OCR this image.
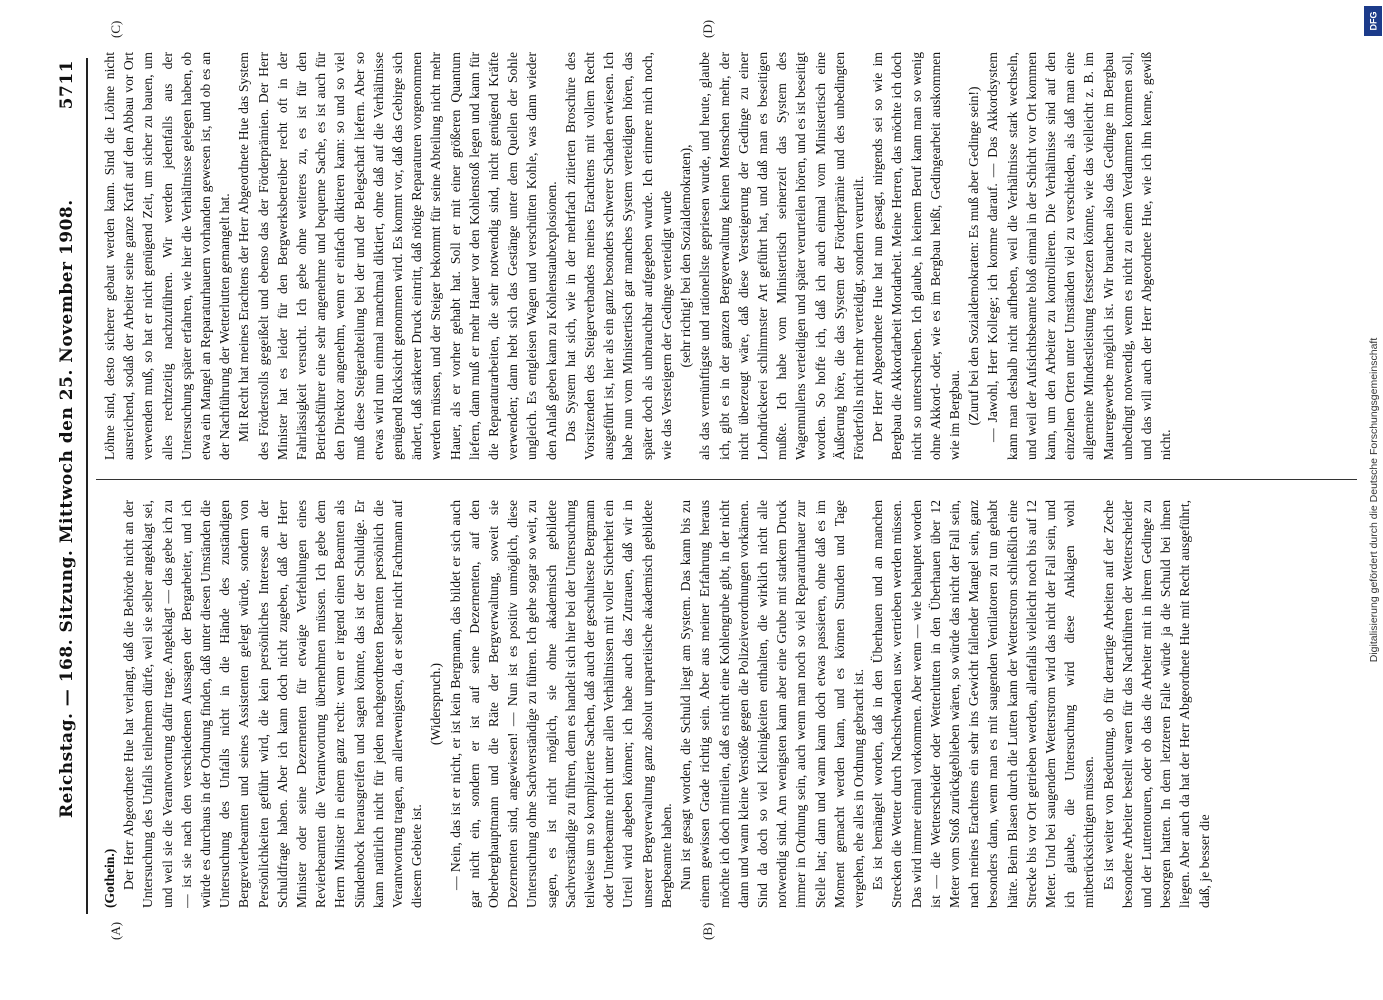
Reichstag. — 168. Sitzung. Mittwoch den 25. November 1908.
5711
(A)	(B)
(C)	(D)

(Gothein.) Der Herr Abgeordnete Hue hat verlangt, daß die Behörde nicht an der Untersuchung des Unfalls teilnehmen dürfe, weil sie selber angeklagt sei, und weil sie die Verantwortung dafür trage. Angeklagt — das gebe ich zu — ist sie nach den verschiedenen Aussagen der Bergarbeiter, und ich würde es durchaus in der Ordnung finden, daß unter diesen Umständen die Untersuchung des Unfalls nicht in die Hände des zuständigen Bergrevierbeamten und seines Assistenten gelegt würde, sondern von Persönlichkeiten geführt wird, die kein persönliches Interesse an der Schuldfrage haben. Aber ich kann doch nicht zugeben, daß der Herr Minister oder seine Dezernenten für etwaige Verfehlungen eines Revierbeamten die Verantwortung übernehmen müssen. Ich gebe dem Herrn Minister in einem ganz recht: wenn er irgend einen Beamten als Sündenbock herausgreifen und sagen könnte, das ist der Schuldige. Er kann natürlich nicht für jeden nachgeordneten Beamten persönlich die Verantwortung tragen, am allerwenigsten, da er selber nicht Fachmann auf diesem Gebiete ist.

(Widerspruch.) — Nein, das ist er nicht, er ist kein Bergmann, das bildet er sich auch gar nicht ein, sondern er ist auf seine Dezernenten, auf den Oberberghauptmann und die Räte der Bergverwaltung, soweit sie Dezernenten sind, angewiesen! — Nun ist es positiv unmöglich, diese Untersuchung ohne Sachverständige zu führen. Ich gehe sogar so weit, zu sagen, es ist nicht möglich, sie ohne akademisch gebildete Sachverständige zu führen, denn es handelt sich hier bei der Untersuchung teilweise um so komplizierte Sachen, daß auch der geschulteste Bergmann oder Unterbeamte nicht unter allen Verhältnissen mit voller Sicherheit ein Urteil wird abgeben können; ich habe auch das Zutrauen, daß wir in unserer Bergverwaltung ganz absolut unparteiische akademisch gebildete Bergbeamte haben. Nun ist gesagt worden, die Schuld liegt am System. Das kann bis zu einem gewissen Grade richtig sein. Aber aus meiner Erfahrung heraus möchte ich doch mitteilen, daß es nicht eine Kohlengrube gibt, in der nicht dann und wann kleine Verstöße gegen die Polizeiverordnungen vorkämen. Sind da doch so viel Kleinigkeiten enthalten, die wirklich nicht alle notwendig sind. Am wenigsten kann aber eine Grube mit starkem Druck immer in Ordnung sein, auch wenn man noch so viel Reparaturhauer zur Stelle hat; dann und wann kann doch etwas passieren, ohne daß es im Moment gemacht werden kann, und es können Stunden und Tage vergehen, ehe alles in Ordnung gebracht ist. Es ist bemängelt worden, daß in den Überhauen und an manchen Strecken die Wetter durch Nachschwaden usw. vertrieben werden müssen. Das wird immer einmal vorkommen. Aber wenn — wie behauptet worden ist — die Wetterscheider oder Wetterlutten in den Überhauen über 12 Meter vom Stoß zurückgeblieben wären, so würde das nicht der Fall sein, nach meines Erachtens ein sehr ins Gewicht fallender Mangel sein, ganz besonders dann, wenn man es mit saugenden Ventilatoren zu tun gehabt hätte. Beim Blasen durch die Lutten kann der Wetterstrom schließlich eine Strecke bis vor Ort getrieben werden, allenfalls vielleicht noch bis auf 12 Meter. Und bei saugendem Wetterstrom wird das nicht der Fall sein, und ich glaube, die Untersuchung wird diese Anklagen wohl mitberücksichtigen müssen. Es ist weiter von Bedeutung, ob für derartige Arbeiten auf der Zeche besondere Arbeiter bestellt waren für das Nachführen der Wetterscheider und der Luttentouren, oder ob das die Arbeiter mit in ihrem Gedinge zu besorgen hatten. In dem letzteren Falle würde ja die Schuld bei ihnen liegen. Aber auch da hat der Herr Abgeordnete Hue mit Recht ausgeführt, daß, je besser die

Löhne sind, desto sicherer gebaut werden kann. Sind die Löhne nicht ausreichend, sodaß der Arbeiter seine ganze Kraft auf den Abbau vor Ort verwenden muß, so hat er nicht genügend Zeit, um sicher zu bauen, um alles rechtzeitig nachzuführen. Wir werden jedenfalls aus der Untersuchung später erfahren, wie hier die Verhältnisse gelegen haben, ob etwa ein Mangel an Reparaturhauern vorhanden gewesen ist, und ob es an der Nachführung der Wetterlutten gemangelt hat. Mit Recht hat meines Erachtens der Herr Abgeordnete Hue das System des Förderstolls gegeißelt und ebenso das der Förderprämien. Der Herr Minister hat es leider für den Bergwerksbetreiber recht oft in der Fahrlässigkeit versucht. Ich gebe ohne weiteres zu, es ist für den Betriebsführer eine sehr angenehme und bequeme Sache, es ist auch für den Direktor angenehm, wenn er einfach diktieren kann: so und so viel muß diese Steigerabteilung bei der und der Belegschaft liefern. Aber so etwas wird nun einmal manchmal diktiert, ohne daß auf die Verhältnisse genügend Rücksicht genommen wird. Es kommt vor, daß das Gebirge sich ändert, daß stärkerer Druck eintritt, daß nötige Reparaturen vorgenommen werden müssen, und der Steiger bekommt für seine Abteilung nicht mehr Hauer, als er vorher gehabt hat. Soll er mit einer größeren Quantum liefern, dann muß er mehr Hauer vor den Kohlenstoß legen und kann für die Reparaturarbeiten, die sehr notwendig sind, nicht genügend Kräfte verwenden; dann hebt sich das Gestänge unter dem Quellen der Sohle ungleich. Es entgleisen Wagen und verschütten Kohle, was dann wieder den Anlaß geben kann zu Kohlenstaubexplosionen. Das System hat sich, wie in der mehrfach zitierten Broschüre des Vorsitzenden des Steigerverbandes meines Erachtens mit vollem Recht ausgeführt ist, hier als ein ganz besonders schwerer Schaden erwiesen. Ich habe nun vom Ministertisch gar manches System verteidigen hören, das später doch als unbrauchbar aufgegeben wurde. Ich erinnere mich noch, wie das Versteigern der Gedinge verteidigt wurde (sehr richtig! bei den Sozialdemokraten), als das vernünftigste und rationellste gepriesen wurde, und heute, glaube ich, gibt es in der ganzen Bergverwaltung keinen Menschen mehr, der nicht überzeugt wäre, daß diese Versteigerung der Gedinge zu einer Lohndrückerei schlimmster Art geführt hat, und daß man es beseitigen mußte. Ich habe vom Ministertisch seinerzeit das System des Wagennullens verteidigen und später verurteilen hören, und es ist beseitigt worden. So hoffe ich, daß ich auch einmal vom Ministertisch eine Äußerung höre, die das System der Förderprämie und des unbedingten Förderfolls nicht mehr verteidigt, sondern verurteilt. Der Herr Abgeordnete Hue hat nun gesagt, nirgends sei so wie im Bergbau die Akkordarbeit Mordarbeit. Meine Herren, das möchte ich doch nicht so unterschreiben. Ich glaube, in keinem Beruf kann man so wenig ohne Akkord- oder, wie es im Bergbau heißt, Gedingearbeit auskommen wie im Bergbau. (Zuruf bei den Sozialdemokraten: Es muß aber Gedinge sein!) — Jawohl, Herr Kollege; ich komme darauf. — Das Akkordsystem kann man deshalb nicht aufheben, weil die Verhältnisse stark wechseln, und weil der Aufsichtsbeamte bloß einmal in der Schicht vor Ort kommen kann, um den Arbeiter zu kontrollieren. Die Verhältnisse sind auf den einzelnen Orten unter Umständen viel zu verschieden, als daß man eine allgemeine Mindestleistung festsetzen könnte, wie das vielleicht z. B. im Maurergewerbe möglich ist. Wir brauchen also das Gedinge im Bergbau unbedingt notwendig, wenn es nicht zu einem Verdammen kommen soll, und das will auch der Herr Abgeordnete Hue, wie ich ihn kenne, gewiß nicht.

DFG
Digitalisierung gefördert durch die Deutsche Forschungsgemeinschaft
